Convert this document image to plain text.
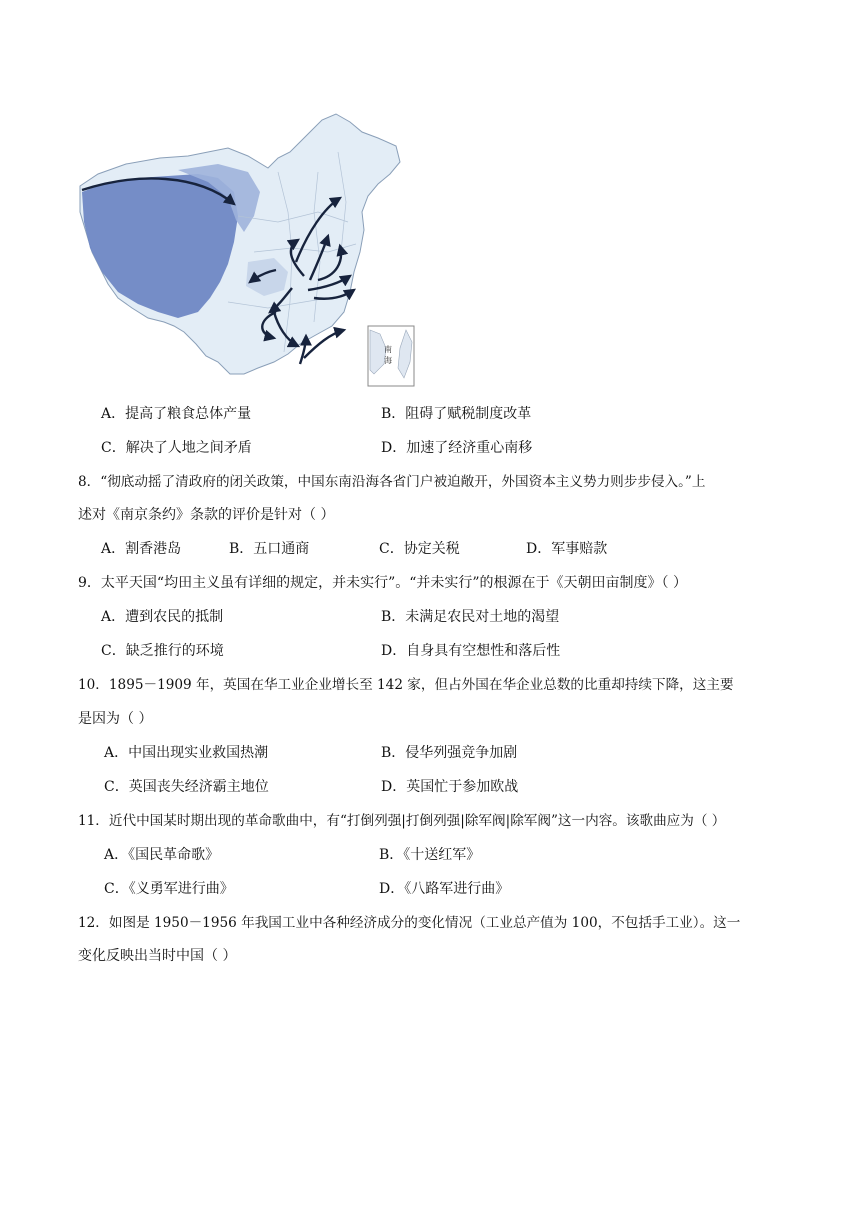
南
海
A．提高了粮食总体产量	B．阻碍了赋税制度改革
C．解决了人地之间矛盾	D．加速了经济重心南移
8．“彻底动摇了清政府的闭关政策，中国东南沿海各省门户被迫敞开，外国资本主义势力则步步侵入。”上
述对《南京条约》条款的评价是针对（ ）
A．割香港岛	B．五口通商	C．协定关税	D．军事赔款
9．太平天国“均田主义虽有详细的规定，并未实行”。“并未实行”的根源在于《天朝田亩制度》（ ）
A．遭到农民的抵制	B．未满足农民对土地的渴望
C．缺乏推行的环境	D．自身具有空想性和落后性
10．1895－1909 年，英国在华工业企业增长至 142 家，但占外国在华企业总数的比重却持续下降，这主要
是因为（ ）
A．中国出现实业救国热潮	B．侵华列强竞争加剧
C．英国丧失经济霸主地位	D．英国忙于参加欧战
11．近代中国某时期出现的革命歌曲中，有“打倒列强|打倒列强|除军阀|除军阀”这一内容。该歌曲应为（ ）
A．《国民革命歌》	B．《十送红军》
C．《义勇军进行曲》	D．《八路军进行曲》
12．如图是 1950－1956 年我国工业中各种经济成分的变化情况（工业总产值为 100，不包括手工业）。这一
变化反映出当时中国（ ）
